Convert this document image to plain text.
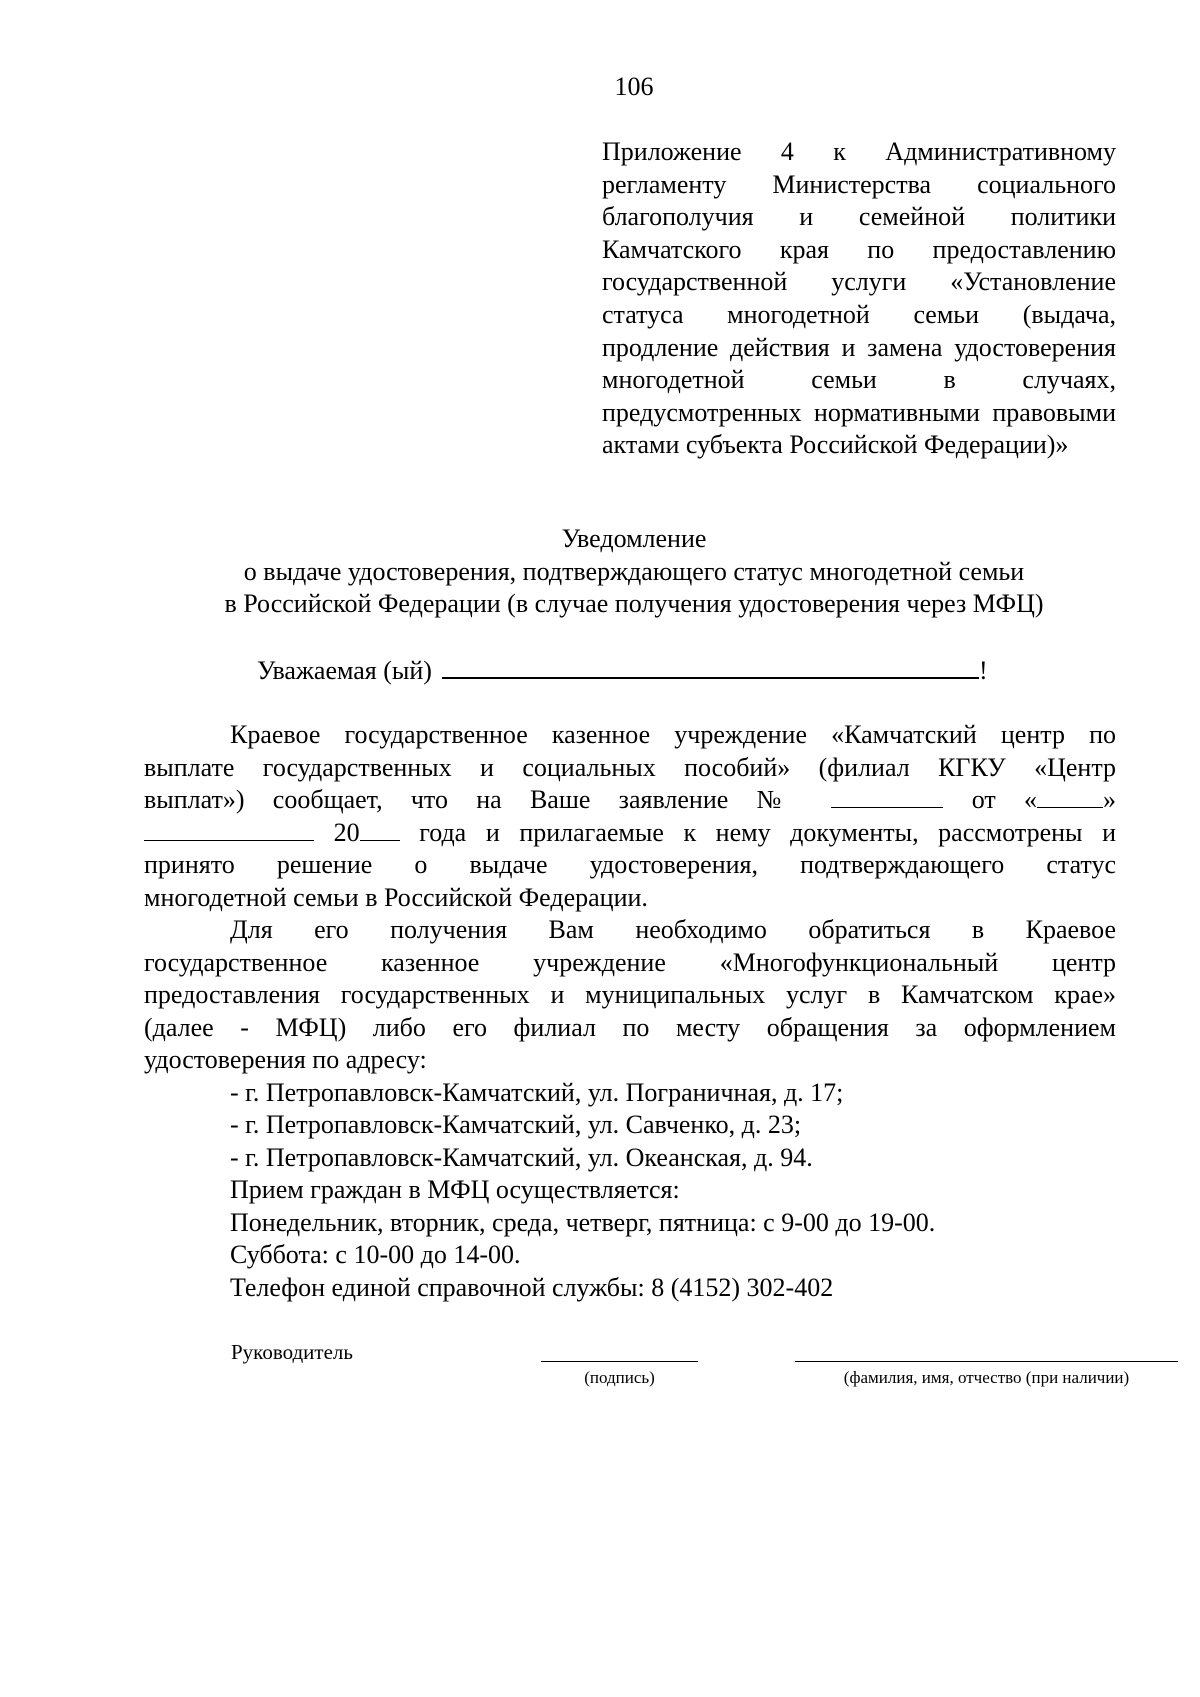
106
Приложение 4 к Административному регламенту Министерства социального благополучия и семейной политики Камчатского края по предоставлению государственной услуги «Установление статуса многодетной семьи (выдача, продление действия и замена удостоверения многодетной семьи в случаях, предусмотренных нормативными правовыми актами субъекта Российской Федерации)»
Уведомление
о выдаче удостоверения, подтверждающего статус многодетной семьи
в Российской Федерации (в случае получения удостоверения через МФЦ)
Уважаемая (ый)	!
Краевое государственное казенное учреждение «Камчатский центр по
выплате государственных и социальных пособий» (филиал КГКУ «Центр
выплат») сообщает, что на Ваше заявление №	от «	»
20 года и прилагаемые к нему документы, рассмотрены и
принято решение о выдаче удостоверения, подтверждающего статус
многодетной семьи в Российской Федерации.
Для его получения Вам необходимо обратиться в Краевое
государственное казенное учреждение «Многофункциональный центр
предоставления государственных и муниципальных услуг в Камчатском крае»
(далее - МФЦ) либо его филиал по месту обращения за оформлением
удостоверения по адресу:
- г. Петропавловск-Камчатский, ул. Пограничная, д. 17;
- г. Петропавловск-Камчатский, ул. Савченко, д. 23;
- г. Петропавловск-Камчатский, ул. Океанская, д. 94.
Прием граждан в МФЦ осуществляется:
Понедельник, вторник, среда, четверг, пятница: с 9-00 до 19-00.
Суббота: с 10-00 до 14-00.
Телефон единой справочной службы: 8 (4152) 302-402
Руководитель
(подпись)	(фамилия, имя, отчество (при наличии)
